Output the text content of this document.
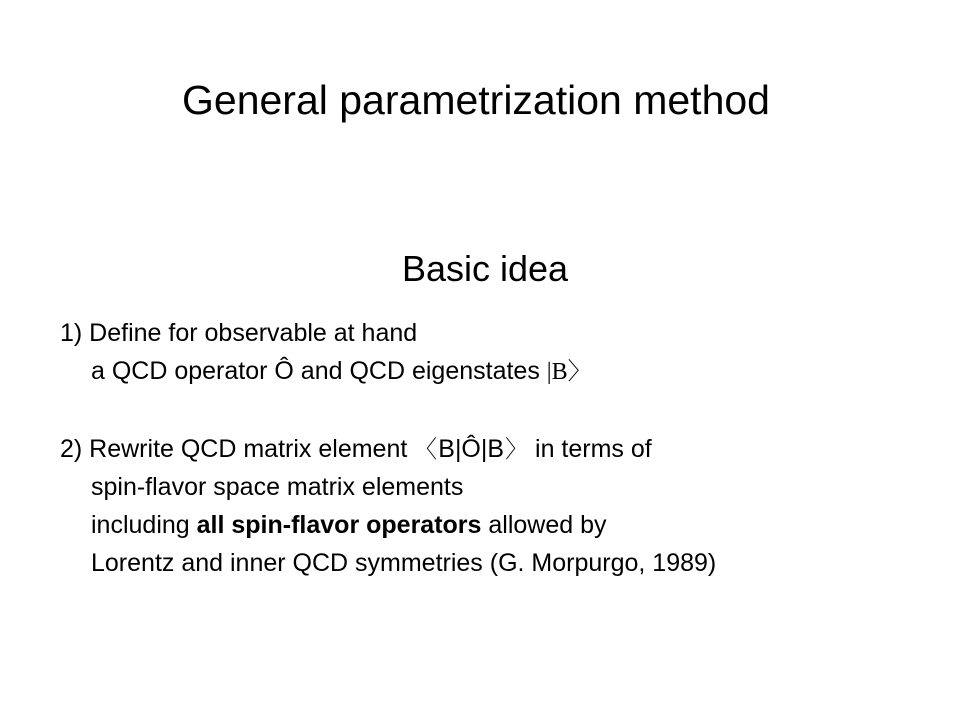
General parametrization method
Basic idea
1) Define for observable at hand
a QCD operator Ô and QCD eigenstates |B〉
2) Rewrite QCD matrix element 〈B|Ô|B〉 in terms of
spin-flavor space matrix elements
including all spin-flavor operators allowed by
Lorentz and inner QCD symmetries (G. Morpurgo, 1989)
